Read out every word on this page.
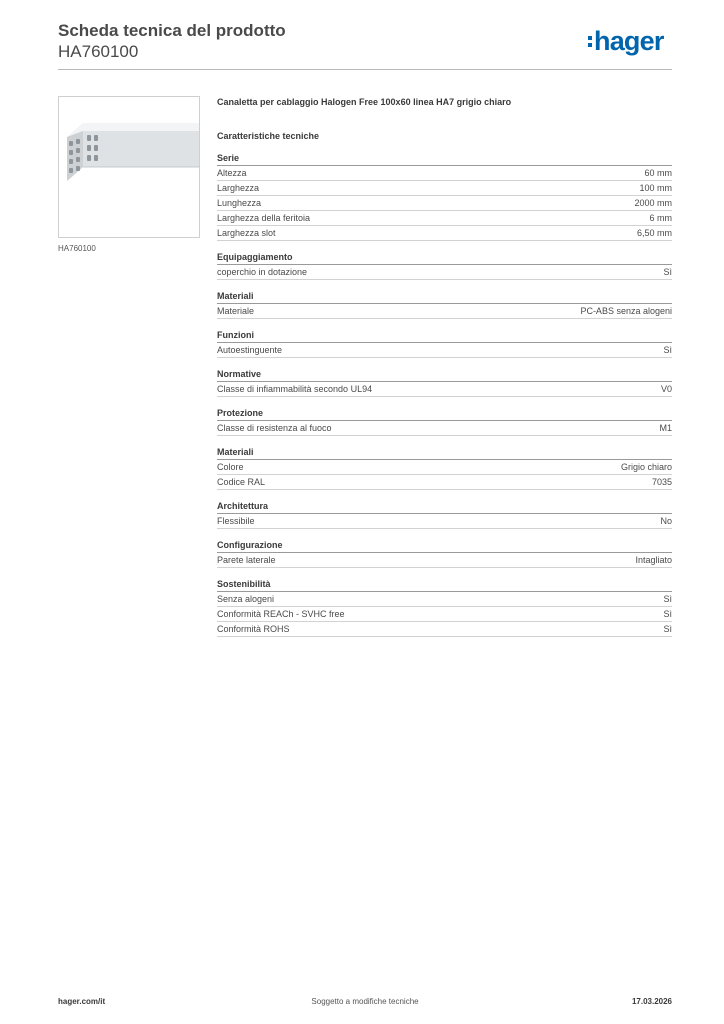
Scheda tecnica del prodotto
HA760100	hager
HA760100
Canaletta per cablaggio Halogen Free 100x60 linea HA7 grigio chiaro
Caratteristiche tecniche
Serie
Altezza	60 mm
Larghezza	100 mm
Lunghezza	2000 mm
Larghezza della feritoia	6 mm
Larghezza slot	6,50 mm
Equipaggiamento
coperchio in dotazione	Sì
Materiali
Materiale	PC-ABS senza alogeni
Funzioni
Autoestinguente	Sì
Normative
Classe di infiammabilità secondo UL94	V0
Protezione
Classe di resistenza al fuoco	M1
Materiali
Colore	Grigio chiaro
Codice RAL	7035
Architettura
Flessibile	No
Configurazione
Parete laterale	Intagliato
Sostenibilità
Senza alogeni	Sì
Conformità REACh - SVHC free	Sì
Conformità ROHS	Sì
hager.com/it	Soggetto a modifiche tecniche	17.03.2026
